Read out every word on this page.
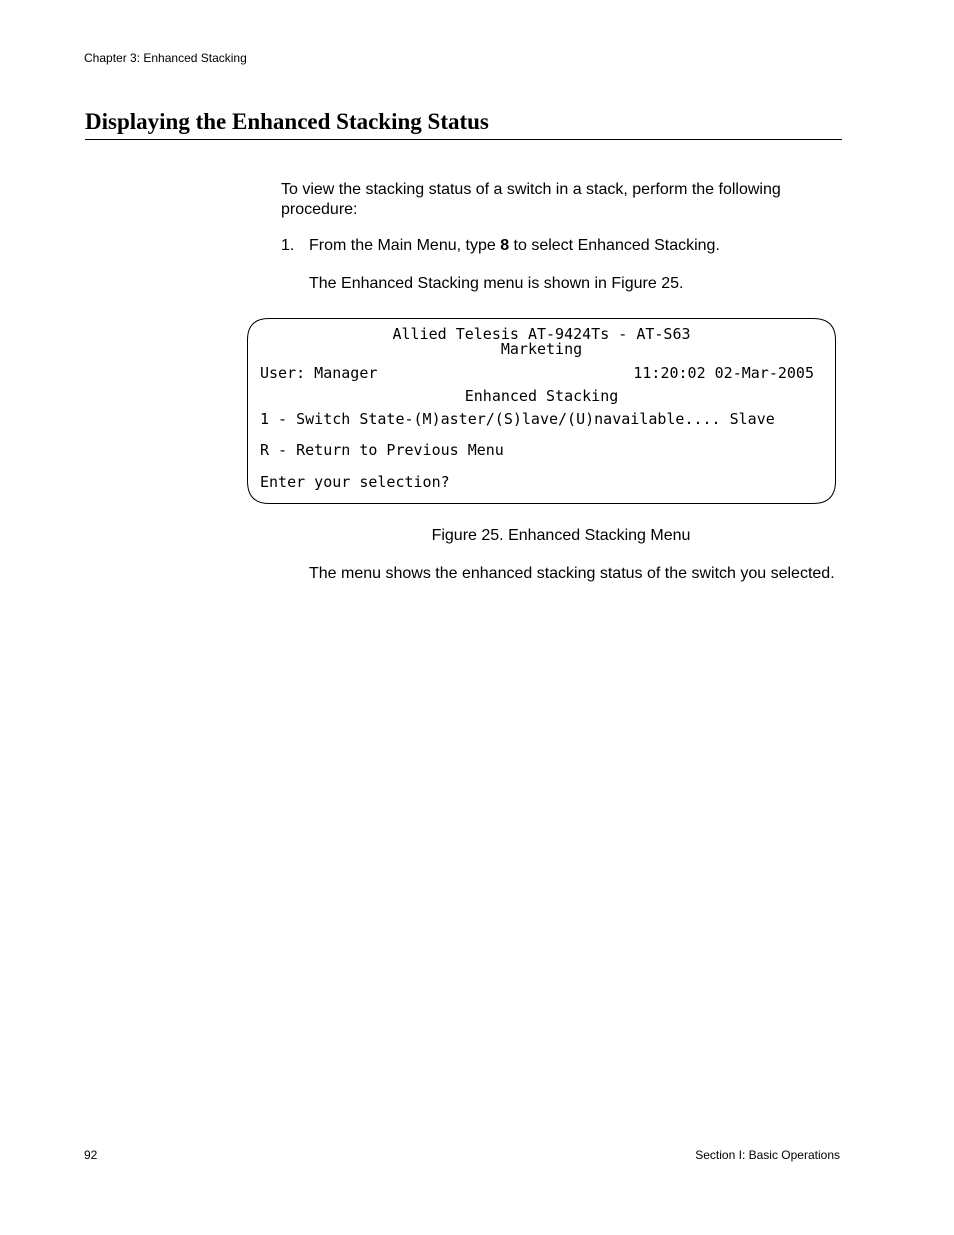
Chapter 3: Enhanced Stacking
Displaying the Enhanced Stacking Status

To view the stacking status of a switch in a stack, perform the following procedure:

1. From the Main Menu, type 8 to select Enhanced Stacking.

The Enhanced Stacking menu is shown in Figure 25.

Allied Telesis AT-9424Ts - AT-S63
Marketing
User: Manager	11:20:02 02-Mar-2005
Enhanced Stacking
1 - Switch State-(M)aster/(S)lave/(U)navailable.... Slave
R - Return to Previous Menu
Enter your selection?
Figure 25. Enhanced Stacking Menu

The menu shows the enhanced stacking status of the switch you selected.

92	Section I: Basic Operations
